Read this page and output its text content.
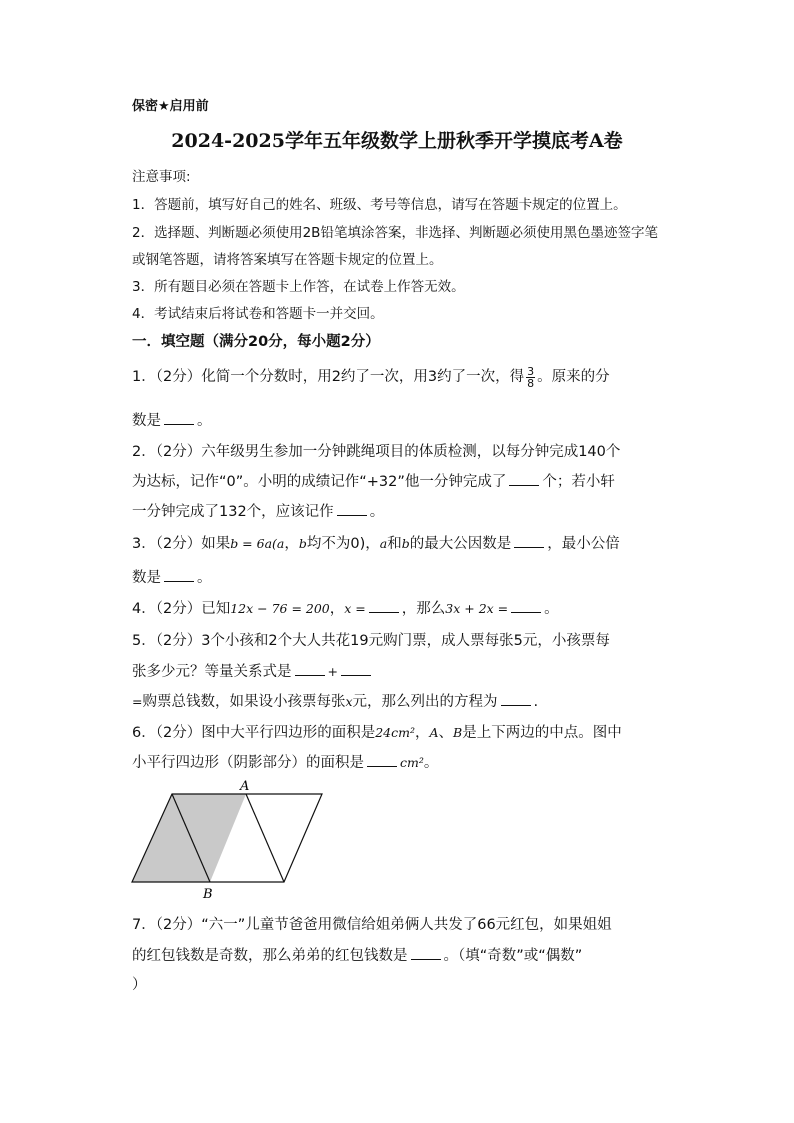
保密★启用前
2024-2025学年五年级数学上册秋季开学摸底考A卷
注意事项:
1．答题前，填写好自己的姓名、班级、考号等信息，请写在答题卡规定的位置上。
2．选择题、判断题必须使用2B铅笔填涂答案，非选择、判断题必须使用黑色墨迹签字笔
或钢笔答题，请将答案填写在答题卡规定的位置上。
3．所有题目必须在答题卡上作答，在试卷上作答无效。
4．考试结束后将试卷和答题卡一并交回。
一．填空题（满分20分，每小题2分）
1．（2分）化简一个分数时，用2约了一次，用3约了一次，得 $\frac{3}{8}$ 。原来的分
数是 。
2．（2分）六年级男生参加一分钟跳绳项目的体质检测，以每分钟完成140个
为达标，记作“0”。小明的成绩记作“+32”他一分钟完成了 个；若小轩
一分钟完成了132个，应该记作 。
3．（2分）如果b = 6a(a，b均不为0)，a和b的最大公因数是 ，最小公倍
数是 。
4．（2分）已知12x − 76 = 200，x = ，那么3x + 2x = 。
5．（2分）3个小孩和2个大人共花19元购门票，成人票每张5元，小孩票每
张多少元？等量关系式是	+
=购票总钱数，如果设小孩票每张x元，那么列出的方程为 .
6．（2分）图中大平行四边形的面积是24cm²，A、B是上下两边的中点。图中
小平行四边形（阴影部分）的面积是	cm²。
A
B
7．（2分）“六一”儿童节爸爸用微信给姐弟俩人共发了66元红包，如果姐姐
的红包钱数是奇数，那么弟弟的红包钱数是 。（填“奇数”或“偶数”
）
